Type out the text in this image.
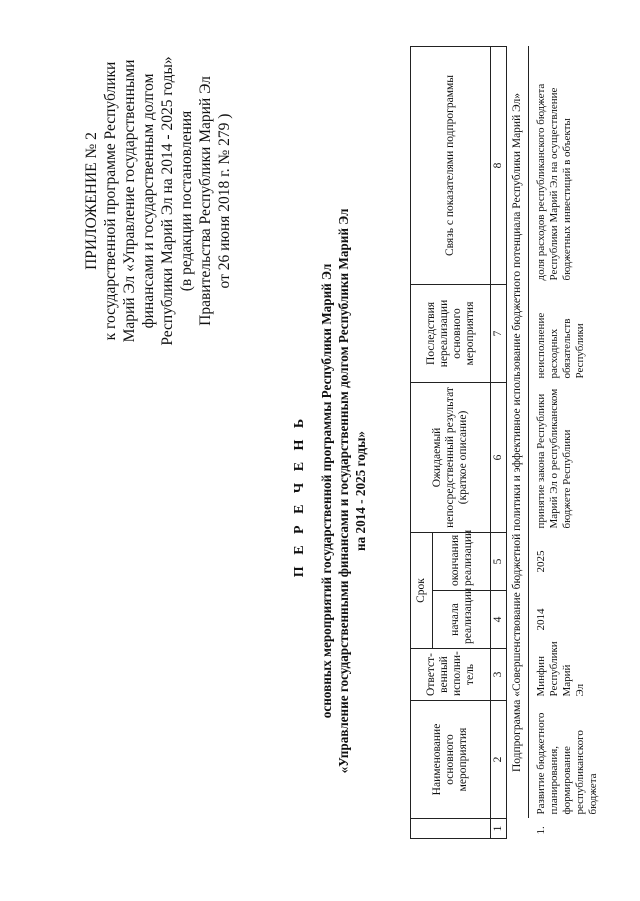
ПРИЛОЖЕНИЕ № 2 к государственной программе Республики Марий Эл «Управление государственными финансами и государственным долгом Республики Марий Эл на 2014 - 2025 годы» (в редакции постановления Правительства Республики Марий Эл от 26 июня 2018 г. № 279 )
П Е Р Е Ч Е Н Ь основных мероприятий государственной программы Республики Марий Эл «Управление государственными финансами и государственным долгом Республики Марий Эл на 2014 - 2025 годы»
	Наименование основного мероприятия	Ответст-венный исполни-тель	Срок		Ожидаемый непосредственный результат (краткое описание)	Последствия нереализации основного мероприятия	Связь с показателями подпрограммы
			начала реализации	окончания реализации			
1	2	3	4	5	6	7	8
	Подпрограмма «Совершенствование бюджетной политики и эффективное использование бюджетного потенциала Республики Марий Эл»						
1.	Развитие бюджетного планирования, формирование республиканского бюджета	Минфин Республики Марий Эл	2014	2025	принятие закона Республики Марий Эл о республиканском бюджете Республики	неисполнение расходных обязательств Республики	доля расходов республиканского бюджета Республики Марий Эл на осуществление бюджетных инвестиций в объекты
